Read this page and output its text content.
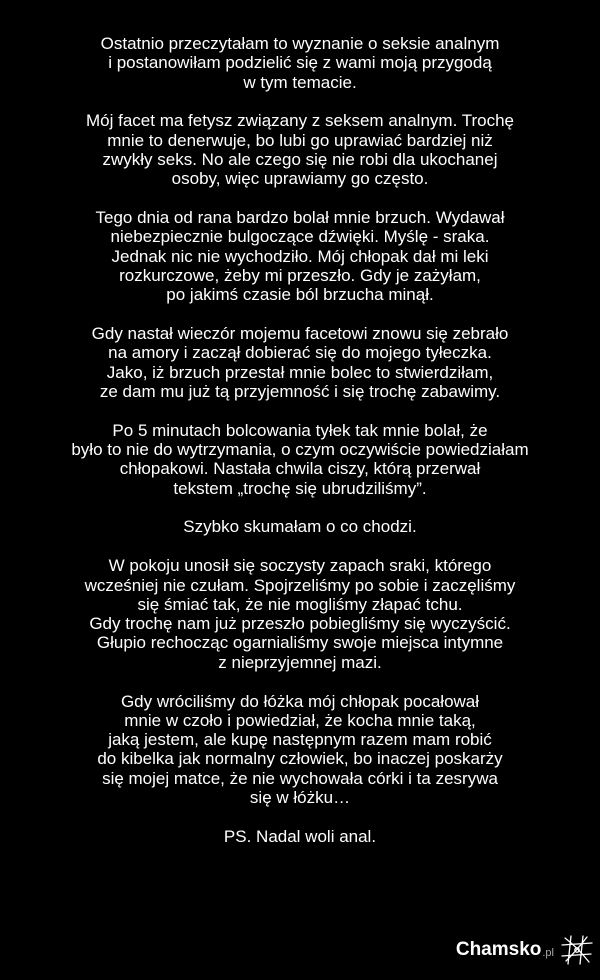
Ostatnio przeczytałam to wyznanie o seksie analnym
i postanowiłam podzielić się z wami moją przygodą
w tym temacie.

Mój facet ma fetysz związany z seksem analnym. Trochę
mnie to denerwuje, bo lubi go uprawiać bardziej niż
zwykły seks. No ale czego się nie robi dla ukochanej
osoby, więc uprawiamy go często.

Tego dnia od rana bardzo bolał mnie brzuch. Wydawał
niebezpiecznie bulgoczące dźwięki. Myślę - sraka.
Jednak nic nie wychodziło. Mój chłopak dał mi leki
rozkurczowe, żeby mi przeszło. Gdy je zażyłam,
po jakimś czasie ból brzucha minął.

Gdy nastał wieczór mojemu facetowi znowu się zebrało
na amory i zaczął dobierać się do mojego tyłeczka.
Jako, iż brzuch przestał mnie bolec to stwierdziłam,
ze dam mu już tą przyjemność i się trochę zabawimy.

Po 5 minutach bolcowania tyłek tak mnie bolał, że
było to nie do wytrzymania, o czym oczywiście powiedziałam
chłopakowi. Nastała chwila ciszy, którą przerwał
tekstem „trochę się ubrudziliśmy”.

Szybko skumałam o co chodzi.

W pokoju unosił się soczysty zapach sraki, którego
wcześniej nie czułam. Spojrzeliśmy po sobie i zaczęliśmy
się śmiać tak, że nie mogliśmy złapać tchu.
Gdy trochę nam już przeszło pobiegliśmy się wyczyścić.
Głupio rechocząc ogarnialiśmy swoje miejsca intymne
z nieprzyjemnej mazi.

Gdy wróciliśmy do łóżka mój chłopak pocałował
mnie w czoło i powiedział, że kocha mnie taką,
jaką jestem, ale kupę następnym razem mam robić
do kibelka jak normalny człowiek, bo inaczej poskarży
się mojej matce, że nie wychowała córki i ta zesrywa
się w łóżku…

PS. Nadal woli anal.

Chamsko .pl
